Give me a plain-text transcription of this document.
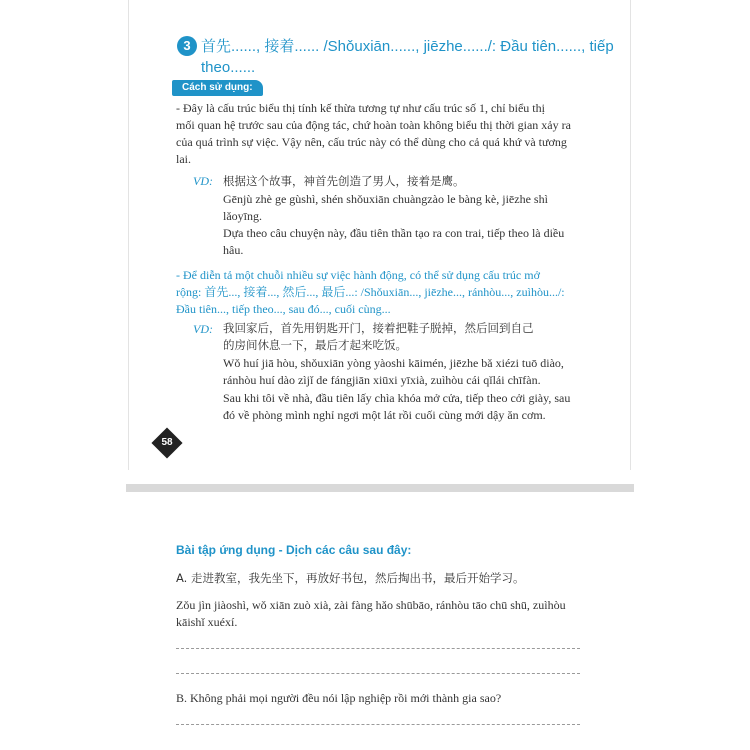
3 首先......, 接着...... /Shǒuxiān......, jiēzhe....../: Đầu tiên......, tiếp
theo......
Cách sử dụng:
- Đây là cấu trúc biểu thị tính kế thừa tương tự như cấu trúc số 1, chỉ biểu thị
mối quan hệ trước sau của động tác, chứ hoàn toàn không biểu thị thời gian xảy ra
của quá trình sự việc. Vậy nên, cấu trúc này có thể dùng cho cả quá khứ và tương
lai.
VD: 根据这个故事，神首先创造了男人，接着是鹰。
Gēnjù zhè ge gùshì, shén shǒuxiān chuàngzào le bàng kè, jiēzhe shì
lǎoyīng.
Dựa theo câu chuyện này, đầu tiên thần tạo ra con trai, tiếp theo là diều
hâu.
- Để diễn tả một chuỗi nhiều sự việc hành động, có thể sử dụng cấu trúc mở
rộng: 首先..., 接着..., 然后..., 最后...: /Shǒuxiān..., jiēzhe..., ránhòu..., zuìhòu.../:
Đầu tiên..., tiếp theo..., sau đó..., cuối cùng...
VD: 我回家后，首先用钥匙开门，接着把鞋子脱掉，然后回到自己
的房间休息一下，最后才起来吃饭。
Wǒ huí jiā hòu, shǒuxiān yòng yàoshi kāimén, jiēzhe bǎ xiézi tuō diào,
ránhòu huí dào zìjǐ de fángjiān xiūxi yīxià, zuìhòu cái qǐlái chīfàn.
Sau khi tôi về nhà, đầu tiên lấy chìa khóa mở cửa, tiếp theo cởi giày, sau
đó về phòng mình nghỉ ngơi một lát rồi cuối cùng mới dậy ăn cơm.
58
Bài tập ứng dụng - Dịch các câu sau đây:
A. 走进教室，我先坐下，再放好书包，然后掏出书，最后开始学习。
Zǒu jìn jiàoshì, wǒ xiān zuò xià, zài fàng hǎo shūbāo, ránhòu tāo chū shū, zuìhòu
kāishǐ xuéxí.
B. Không phải mọi người đều nói lập nghiệp rồi mới thành gia sao?
